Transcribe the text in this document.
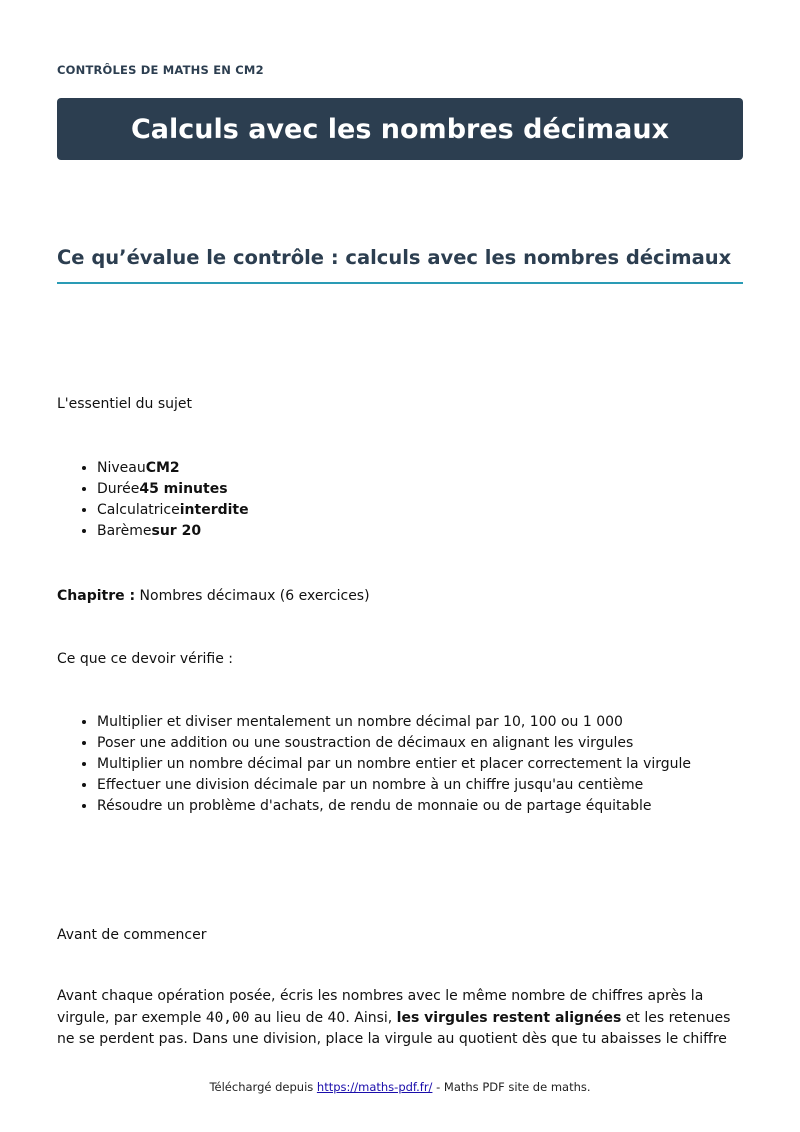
CONTRÔLES DE MATHS EN CM2
Calculs avec les nombres décimaux
Ce qu’évalue le contrôle : calculs avec les nombres décimaux

L'essentiel du sujet

• NiveauCM2
• Durée45 minutes
• Calculatriceinterdite
• Barèmesur 20

Chapitre : Nombres décimaux (6 exercices)

Ce que ce devoir vérifie :

• Multiplier et diviser mentalement un nombre décimal par 10, 100 ou 1 000
• Poser une addition ou une soustraction de décimaux en alignant les virgules
• Multiplier un nombre décimal par un nombre entier et placer correctement la virgule
• Effectuer une division décimale par un nombre à un chiffre jusqu'au centième
• Résoudre un problème d'achats, de rendu de monnaie ou de partage équitable

Avant de commencer

Avant chaque opération posée, écris les nombres avec le même nombre de chiffres après la virgule, par exemple 40,00 au lieu de 40. Ainsi, les virgules restent alignées et les retenues ne se perdent pas. Dans une division, place la virgule au quotient dès que tu abaisses le chiffre

Téléchargé depuis https://maths-pdf.fr/ - Maths PDF site de maths.
